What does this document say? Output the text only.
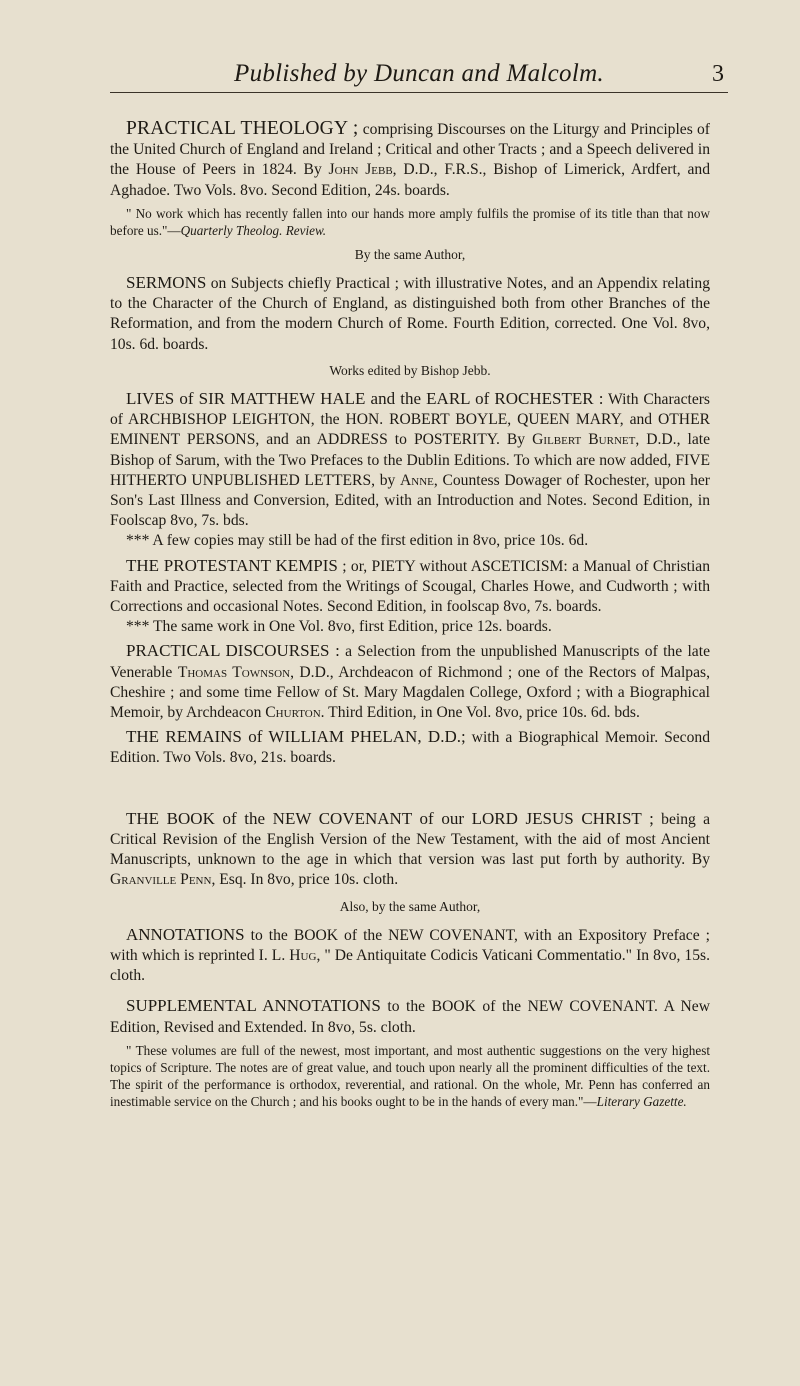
Published by Duncan and Malcolm.	3

PRACTICAL THEOLOGY ; comprising Discourses on the Liturgy and Principles of the United Church of England and Ireland ; Critical and other Tracts ; and a Speech delivered in the House of Peers in 1824. By John Jebb, D.D., F.R.S., Bishop of Limerick, Ardfert, and Aghadoe. Two Vols. 8vo. Second Edition, 24s. boards.

" No work which has recently fallen into our hands more amply fulfils the promise of its title than that now before us."—Quarterly Theolog. Review.

By the same Author,

SERMONS on Subjects chiefly Practical ; with illustrative Notes, and an Appendix relating to the Character of the Church of England, as distinguished both from other Branches of the Reformation, and from the modern Church of Rome. Fourth Edition, corrected. One Vol. 8vo, 10s. 6d. boards.

Works edited by Bishop Jebb.

LIVES of SIR MATTHEW HALE and the EARL of ROCHESTER : With Characters of ARCHBISHOP LEIGHTON, the HON. ROBERT BOYLE, QUEEN MARY, and OTHER EMINENT PERSONS, and an ADDRESS to POSTERITY. By Gilbert Burnet, D.D., late Bishop of Sarum, with the Two Prefaces to the Dublin Editions. To which are now added, FIVE HITHERTO UNPUBLISHED LETTERS, by Anne, Countess Dowager of Rochester, upon her Son's Last Illness and Conversion, Edited, with an Introduction and Notes. Second Edition, in Foolscap 8vo, 7s. bds.

*** A few copies may still be had of the first edition in 8vo, price 10s. 6d.

THE PROTESTANT KEMPIS ; or, PIETY without ASCETICISM: a Manual of Christian Faith and Practice, selected from the Writings of Scougal, Charles Howe, and Cudworth ; with Corrections and occasional Notes. Second Edition, in foolscap 8vo, 7s. boards.

*** The same work in One Vol. 8vo, first Edition, price 12s. boards.

PRACTICAL DISCOURSES : a Selection from the unpublished Manuscripts of the late Venerable Thomas Townson, D.D., Archdeacon of Richmond ; one of the Rectors of Malpas, Cheshire ; and some time Fellow of St. Mary Magdalen College, Oxford ; with a Biographical Memoir, by Archdeacon Churton. Third Edition, in One Vol. 8vo, price 10s. 6d. bds.

THE REMAINS of WILLIAM PHELAN, D.D.; with a Biographical Memoir. Second Edition. Two Vols. 8vo, 21s. boards.

THE BOOK of the NEW COVENANT of our LORD JESUS CHRIST ; being a Critical Revision of the English Version of the New Testament, with the aid of most Ancient Manuscripts, unknown to the age in which that version was last put forth by authority. By Granville Penn, Esq. In 8vo, price 10s. cloth.

Also, by the same Author,

ANNOTATIONS to the BOOK of the NEW COVENANT, with an Expository Preface ; with which is reprinted I. L. Hug, " De Antiquitate Codicis Vaticani Commentatio." In 8vo, 15s. cloth.

SUPPLEMENTAL ANNOTATIONS to the BOOK of the NEW COVENANT. A New Edition, Revised and Extended. In 8vo, 5s. cloth.

" These volumes are full of the newest, most important, and most authentic suggestions on the very highest topics of Scripture. The notes are of great value, and touch upon nearly all the prominent difficulties of the text. The spirit of the performance is orthodox, reverential, and rational. On the whole, Mr. Penn has conferred an inestimable service on the Church ; and his books ought to be in the hands of every man."—Literary Gazette.
